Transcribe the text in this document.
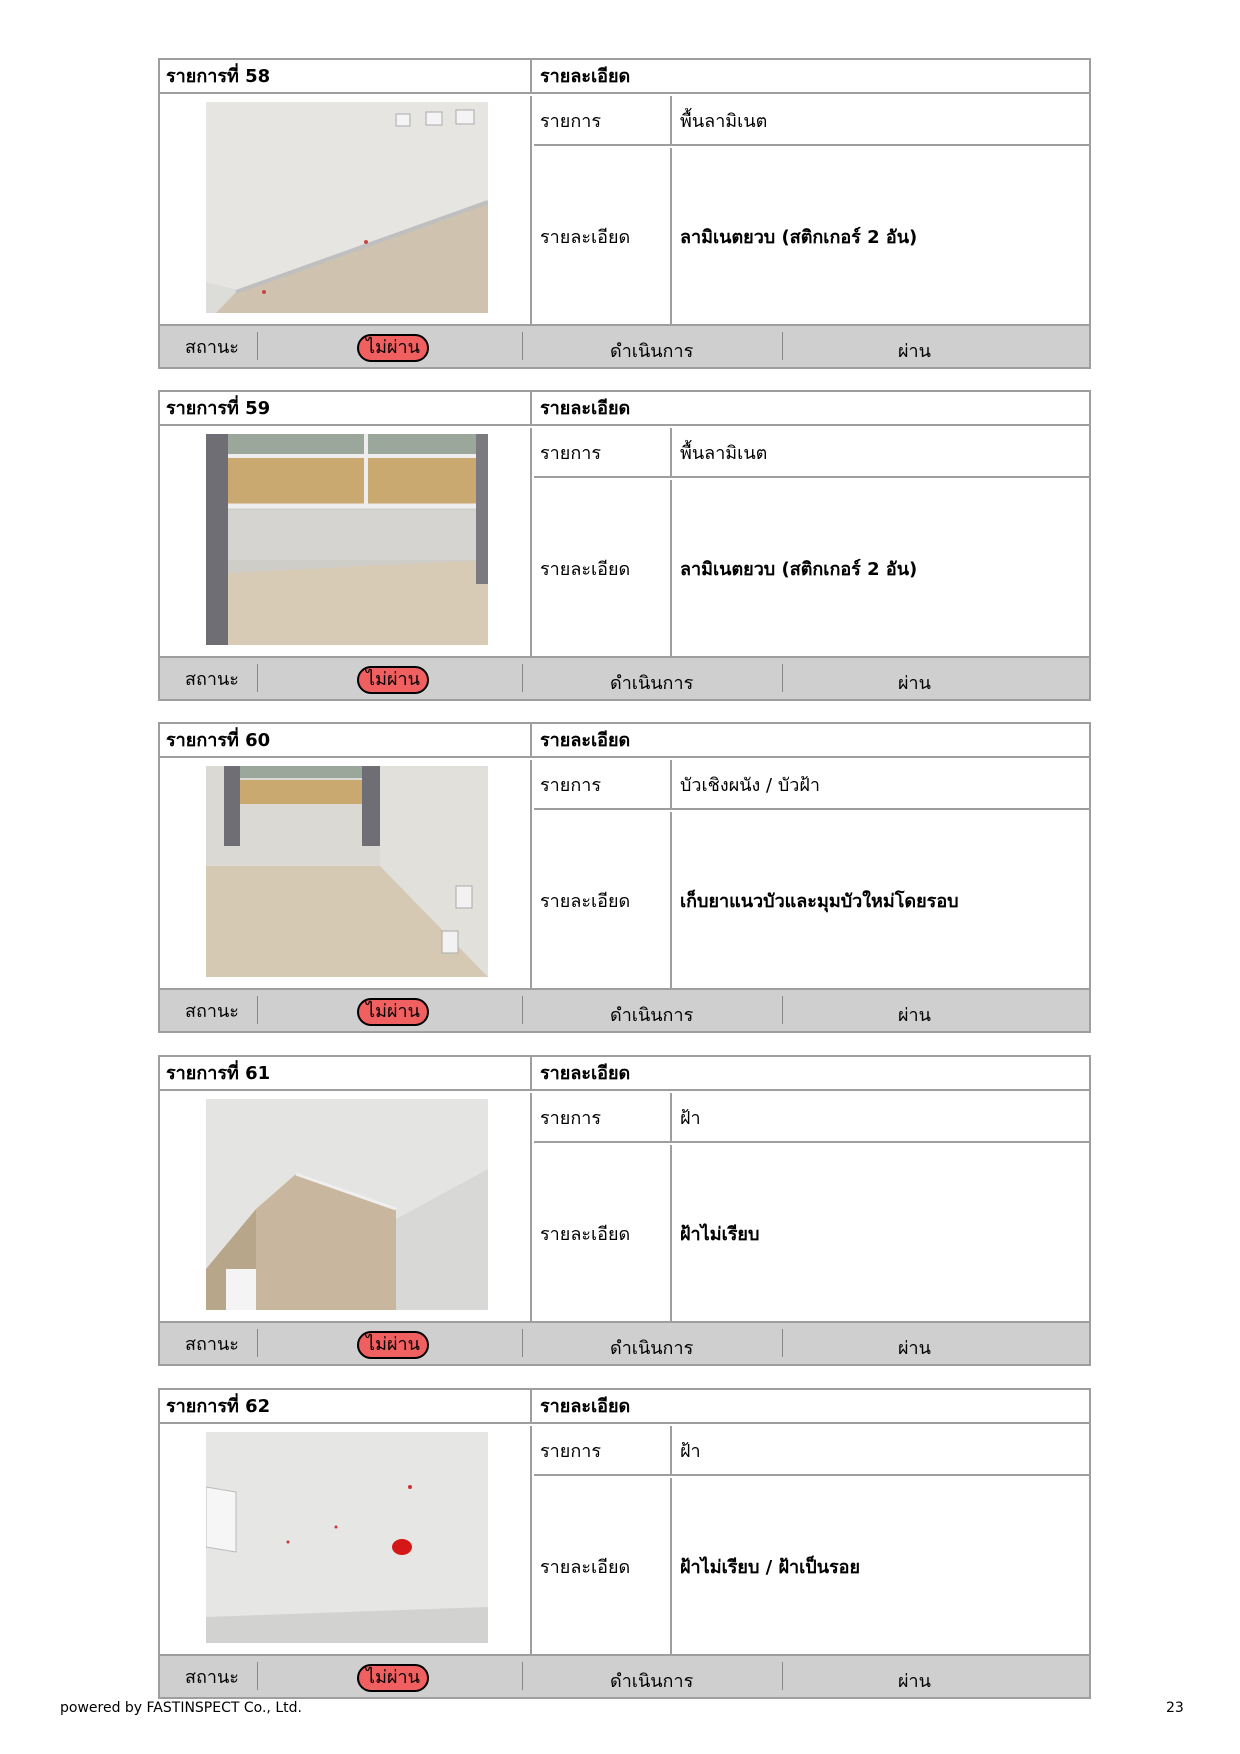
รายการที่ 58	รายละเอียด
รายการ	พื้นลามิเนต
รายละเอียด	ลามิเนตยวบ (สติกเกอร์ 2 อัน)
สถานะ	ไม่ผ่าน	ดำเนินการ	ผ่าน
รายการที่ 59	รายละเอียด
รายการ	พื้นลามิเนต
รายละเอียด	ลามิเนตยวบ (สติกเกอร์ 2 อัน)
สถานะ	ไม่ผ่าน	ดำเนินการ	ผ่าน
รายการที่ 60	รายละเอียด
รายการ	บัวเชิงผนัง / บัวฝ้า
รายละเอียด	เก็บยาแนวบัวและมุมบัวใหม่โดยรอบ
สถานะ	ไม่ผ่าน	ดำเนินการ	ผ่าน
รายการที่ 61	รายละเอียด
รายการ	ฝ้า
รายละเอียด	ฝ้าไม่เรียบ
สถานะ	ไม่ผ่าน	ดำเนินการ	ผ่าน
รายการที่ 62	รายละเอียด
รายการ	ฝ้า
รายละเอียด	ฝ้าไม่เรียบ / ฝ้าเป็นรอย
สถานะ	ไม่ผ่าน	ดำเนินการ	ผ่าน
powered by FASTINSPECT Co., Ltd.	23
